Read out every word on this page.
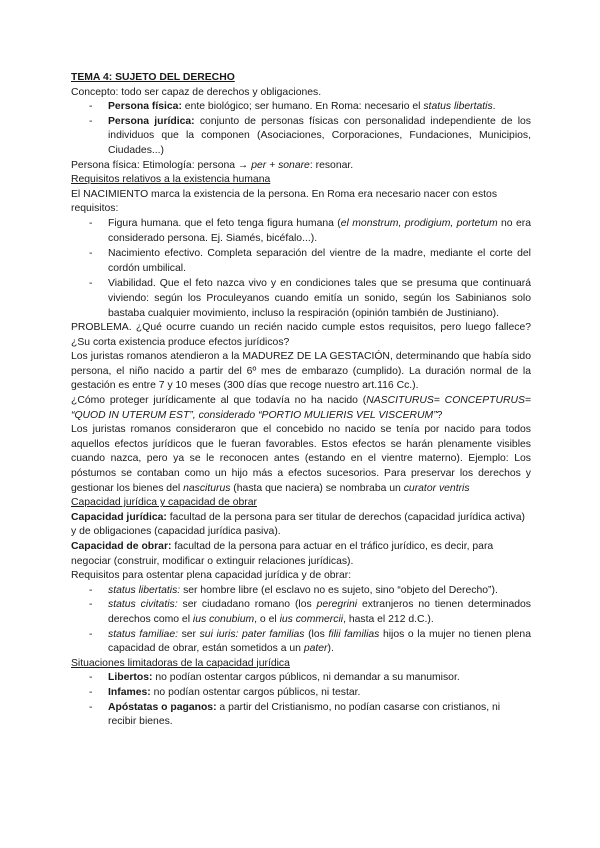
TEMA 4: SUJETO DEL DERECHO

Concepto: todo ser capaz de derechos y obligaciones.

- Persona física: ente biológico; ser humano. En Roma: necesario el status libertatis.
- Persona jurídica: conjunto de personas físicas con personalidad independiente de los individuos que la componen (Asociaciones, Corporaciones, Fundaciones, Municipios, Ciudades...)

Persona física: Etimología: persona → per + sonare: resonar.

Requisitos relativos a la existencia humana

El NACIMIENTO marca la existencia de la persona. En Roma era necesario nacer con estos requisitos:

- Figura humana. que el feto tenga figura humana (el monstrum, prodigium, portetum no era considerado persona. Ej. Siamés, bicéfalo...).
- Nacimiento efectivo. Completa separación del vientre de la madre, mediante el corte del cordón umbilical.
- Viabilidad. Que el feto nazca vivo y en condiciones tales que se presuma que continuará viviendo: según los Proculeyanos cuando emitía un sonido, según los Sabinianos solo bastaba cualquier movimiento, incluso la respiración (opinión también de Justiniano).

PROBLEMA. ¿Qué ocurre cuando un recién nacido cumple estos requisitos, pero luego fallece? ¿Su corta existencia produce efectos jurídicos?

Los juristas romanos atendieron a la MADUREZ DE LA GESTACIÓN, determinando que había sido persona, el niño nacido a partir del 6º mes de embarazo (cumplido). La duración normal de la gestación es entre 7 y 10 meses (300 días que recoge nuestro art.116 Cc.).

¿Cómo proteger jurídicamente al que todavía no ha nacido (NASCITURUS= CONCEPTURUS= “QUOD IN UTERUM EST”, considerado “PORTIO MULIERIS VEL VISCERUM”?

Los juristas romanos consideraron que el concebido no nacido se tenía por nacido para todos aquellos efectos jurídicos que le fueran favorables. Estos efectos se harán plenamente visibles cuando nazca, pero ya se le reconocen antes (estando en el vientre materno). Ejemplo: Los póstumos se contaban como un hijo más a efectos sucesorios. Para preservar los derechos y gestionar los bienes del nasciturus (hasta que naciera) se nombraba un curator ventris

Capacidad jurídica y capacidad de obrar

Capacidad jurídica: facultad de la persona para ser titular de derechos (capacidad jurídica activa) y de obligaciones (capacidad jurídica pasiva).

Capacidad de obrar: facultad de la persona para actuar en el tráfico jurídico, es decir, para negociar (construir, modificar o extinguir relaciones jurídicas).

Requisitos para ostentar plena capacidad jurídica y de obrar:

- status libertatis: ser hombre libre (el esclavo no es sujeto, sino “objeto del Derecho”).
- status civitatis: ser ciudadano romano (los peregrini extranjeros no tienen determinados derechos como el ius conubium, o el ius commercii, hasta el 212 d.C.).
- status familiae: ser sui iuris: pater familias (los filii familias hijos o la mujer no tienen plena capacidad de obrar, están sometidos a un pater).

Situaciones limitadoras de la capacidad jurídica

- Libertos: no podían ostentar cargos públicos, ni demandar a su manumisor.
- Infames: no podían ostentar cargos públicos, ni testar.
- Apóstatas o paganos: a partir del Cristianismo, no podían casarse con cristianos, ni recibir bienes.
